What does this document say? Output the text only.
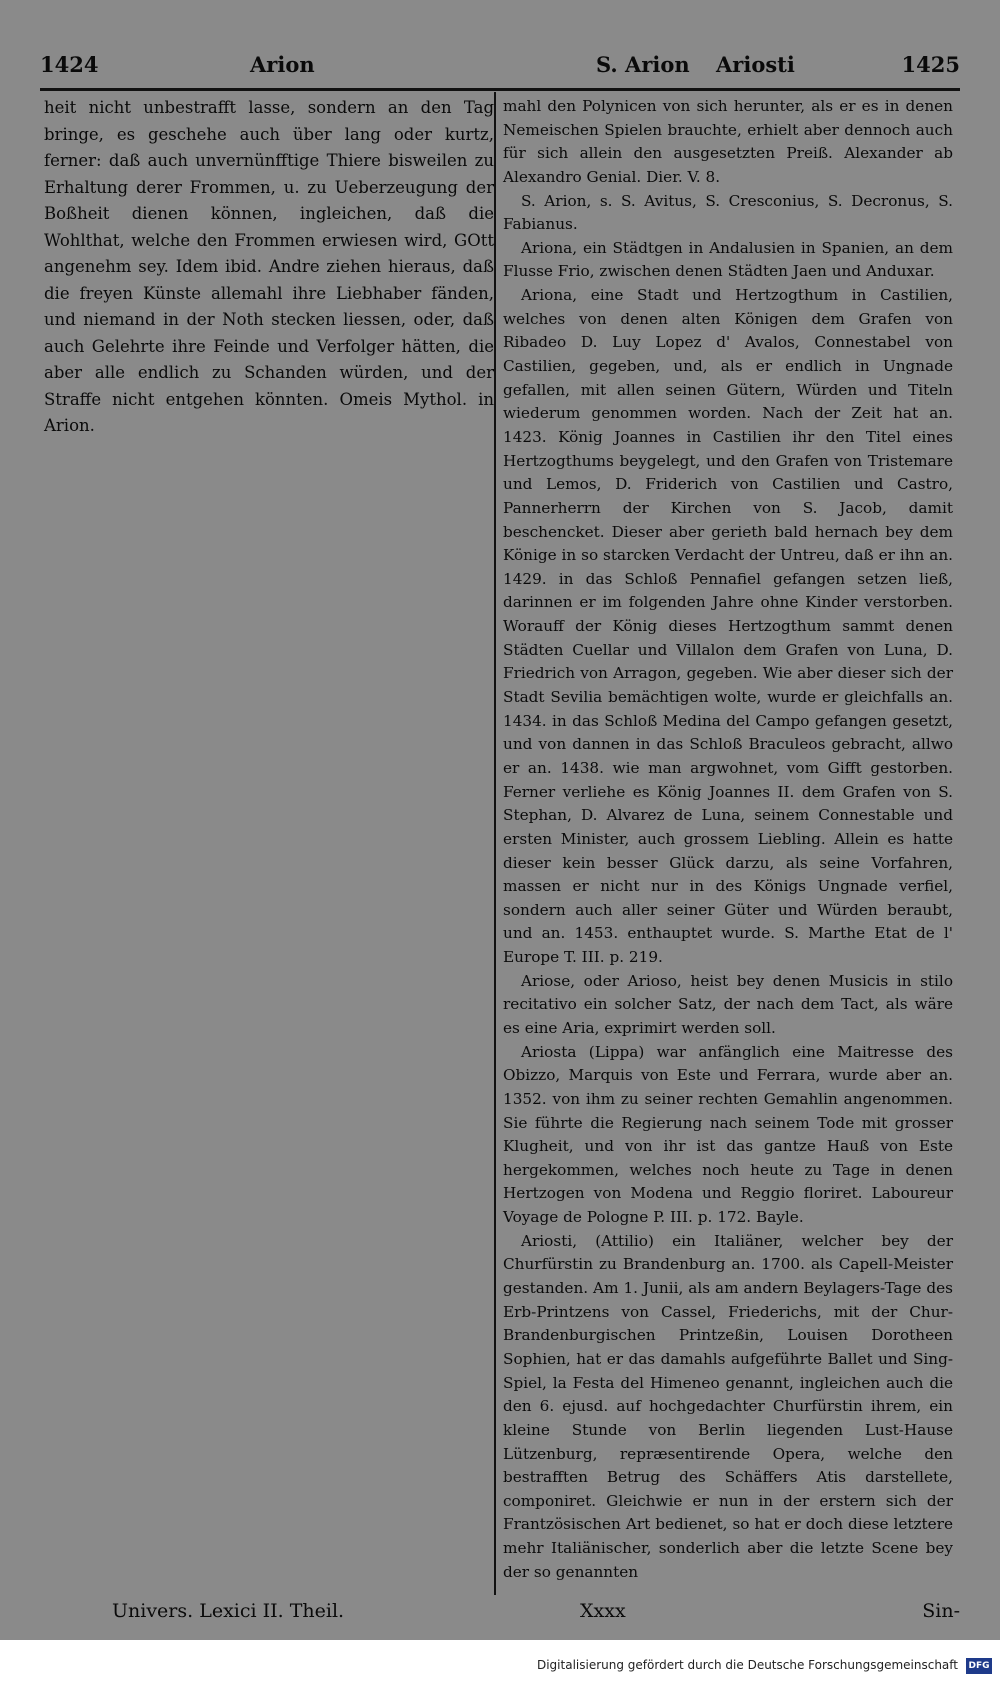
1424	Arion	S. Arion Ariosti	1425

heit nicht unbestrafft lasse, sondern an den Tag bringe, es geschehe auch über lang oder kurtz, ferner: daß auch unvernünfftige Thiere bisweilen zu Erhaltung derer Frommen, u. zu Ueberzeugung der Boßheit dienen können, ingleichen, daß die Wohlthat, welche den Frommen erwiesen wird, GOtt angenehm sey. Idem ibid. Andre ziehen hieraus, daß die freyen Künste allemahl ihre Liebhaber fänden, und niemand in der Noth stecken liessen, oder, daß auch Gelehrte ihre Feinde und Verfolger hätten, die aber alle endlich zu Schanden würden, und der Straffe nicht entgehen könnten. Omeis Mythol. in Arion.

mahl den Polynicen von sich herunter, als er es in denen Nemeischen Spielen brauchte, erhielt aber dennoch auch für sich allein den ausgesetzten Preiß. Alexander ab Alexandro Genial. Dier. V. 8.

S. Arion, s. S. Avitus, S. Cresconius, S. Decronus, S. Fabianus.

Ariona, ein Städtgen in Andalusien in Spanien, an dem Flusse Frio, zwischen denen Städten Jaen und Anduxar.

Ariona, eine Stadt und Hertzogthum in Castilien, welches von denen alten Königen dem Grafen von Ribadeo D. Luy Lopez d' Avalos, Connestabel von Castilien, gegeben, und, als er endlich in Ungnade gefallen, mit allen seinen Gütern, Würden und Titeln wiederum genommen worden. Nach der Zeit hat an. 1423. König Joannes in Castilien ihr den Titel eines Hertzogthums beygelegt, und den Grafen von Tristemare und Lemos, D. Friderich von Castilien und Castro, Pannerherrn der Kirchen von S. Jacob, damit beschencket. Dieser aber gerieth bald hernach bey dem Könige in so starcken Verdacht der Untreu, daß er ihn an. 1429. in das Schloß Pennafiel gefangen setzen ließ, darinnen er im folgenden Jahre ohne Kinder verstorben. Worauff der König dieses Hertzogthum sammt denen Städten Cuellar und Villalon dem Grafen von Luna, D. Friedrich von Arragon, gegeben. Wie aber dieser sich der Stadt Sevilia bemächtigen wolte, wurde er gleichfalls an. 1434. in das Schloß Medina del Campo gefangen gesetzt, und von dannen in das Schloß Braculeos gebracht, allwo er an. 1438. wie man argwohnet, vom Gifft gestorben. Ferner verliehe es König Joannes II. dem Grafen von S. Stephan, D. Alvarez de Luna, seinem Connestable und ersten Minister, auch grossem Liebling. Allein es hatte dieser kein besser Glück darzu, als seine Vorfahren, massen er nicht nur in des Königs Ungnade verfiel, sondern auch aller seiner Güter und Würden beraubt, und an. 1453. enthauptet wurde. S. Marthe Etat de l' Europe T. III. p. 219.

Ariose, oder Arioso, heist bey denen Musicis in stilo recitativo ein solcher Satz, der nach dem Tact, als wäre es eine Aria, exprimirt werden soll.

Ariosta (Lippa) war anfänglich eine Maitresse des Obizzo, Marquis von Este und Ferrara, wurde aber an. 1352. von ihm zu seiner rechten Gemahlin angenommen. Sie führte die Regierung nach seinem Tode mit grosser Klugheit, und von ihr ist das gantze Hauß von Este hergekommen, welches noch heute zu Tage in denen Hertzogen von Modena und Reggio floriret. Laboureur Voyage de Pologne P. III. p. 172. Bayle.

Ariosti, (Attilio) ein Italiäner, welcher bey der Churfürstin zu Brandenburg an. 1700. als Capell-Meister gestanden. Am 1. Junii, als am andern Beylagers-Tage des Erb-Printzens von Cassel, Friederichs, mit der Chur-Brandenburgischen Printzeßin, Louisen Dorotheen Sophien, hat er das damahls aufgeführte Ballet und Sing-Spiel, la Festa del Himeneo genannt, ingleichen auch die den 6. ejusd. auf hochgedachter Churfürstin ihrem, ein kleine Stunde von Berlin liegenden Lust-Hause Lützenburg, repræsentirende Opera, welche den bestrafften Betrug des Schäffers Atis darstellete, componiret. Gleichwie er nun in der erstern sich der Frantzösischen Art bedienet, so hat er doch diese letztere mehr Italiänischer, sonderlich aber die letzte Scene bey der so genannten

Univers. Lexici II. Theil.	Xxxx	Sin-
Digitalisierung gefördert durch die Deutsche Forschungsgemeinschaft DFG
